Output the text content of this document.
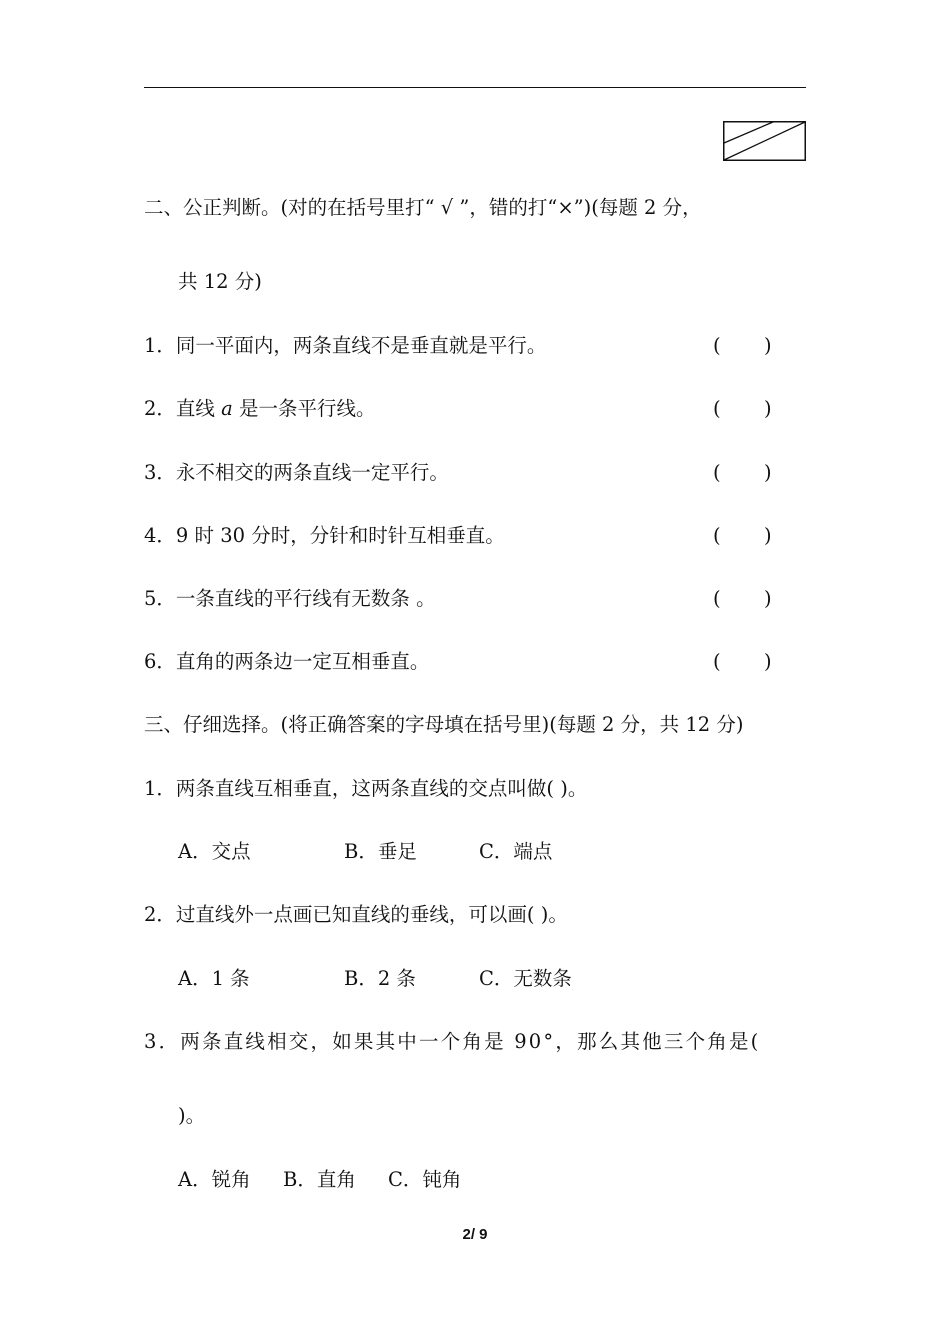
二、公正判断。(对的在括号里打“ √ ”，错的打“×”)(每题 2 分，
共 12 分)
1．同一平面内，两条直线不是垂直就是平行。	(       )
2．直线 a 是一条平行线。	(       )
3．永不相交的两条直线一定平行。	(       )
4．9 时 30 分时，分针和时针互相垂直。	(       )
5．一条直线的平行线有无数条 。	(       )
6．直角的两条边一定互相垂直。	(       )
三、仔细选择。(将正确答案的字母填在括号里)(每题 2 分，共 12 分)
1．两条直线互相垂直，这两条直线的交点叫做( )。
A．交点	B．垂足	C．端点
2．过直线外一点画已知直线的垂线，可以画( )。
A．1 条	B．2 条	C．无数条
3．两条直线相交，如果其中一个角是 90°，那么其他三个角是(
)。
A．锐角 B．直角 C．钝角
2/ 9
